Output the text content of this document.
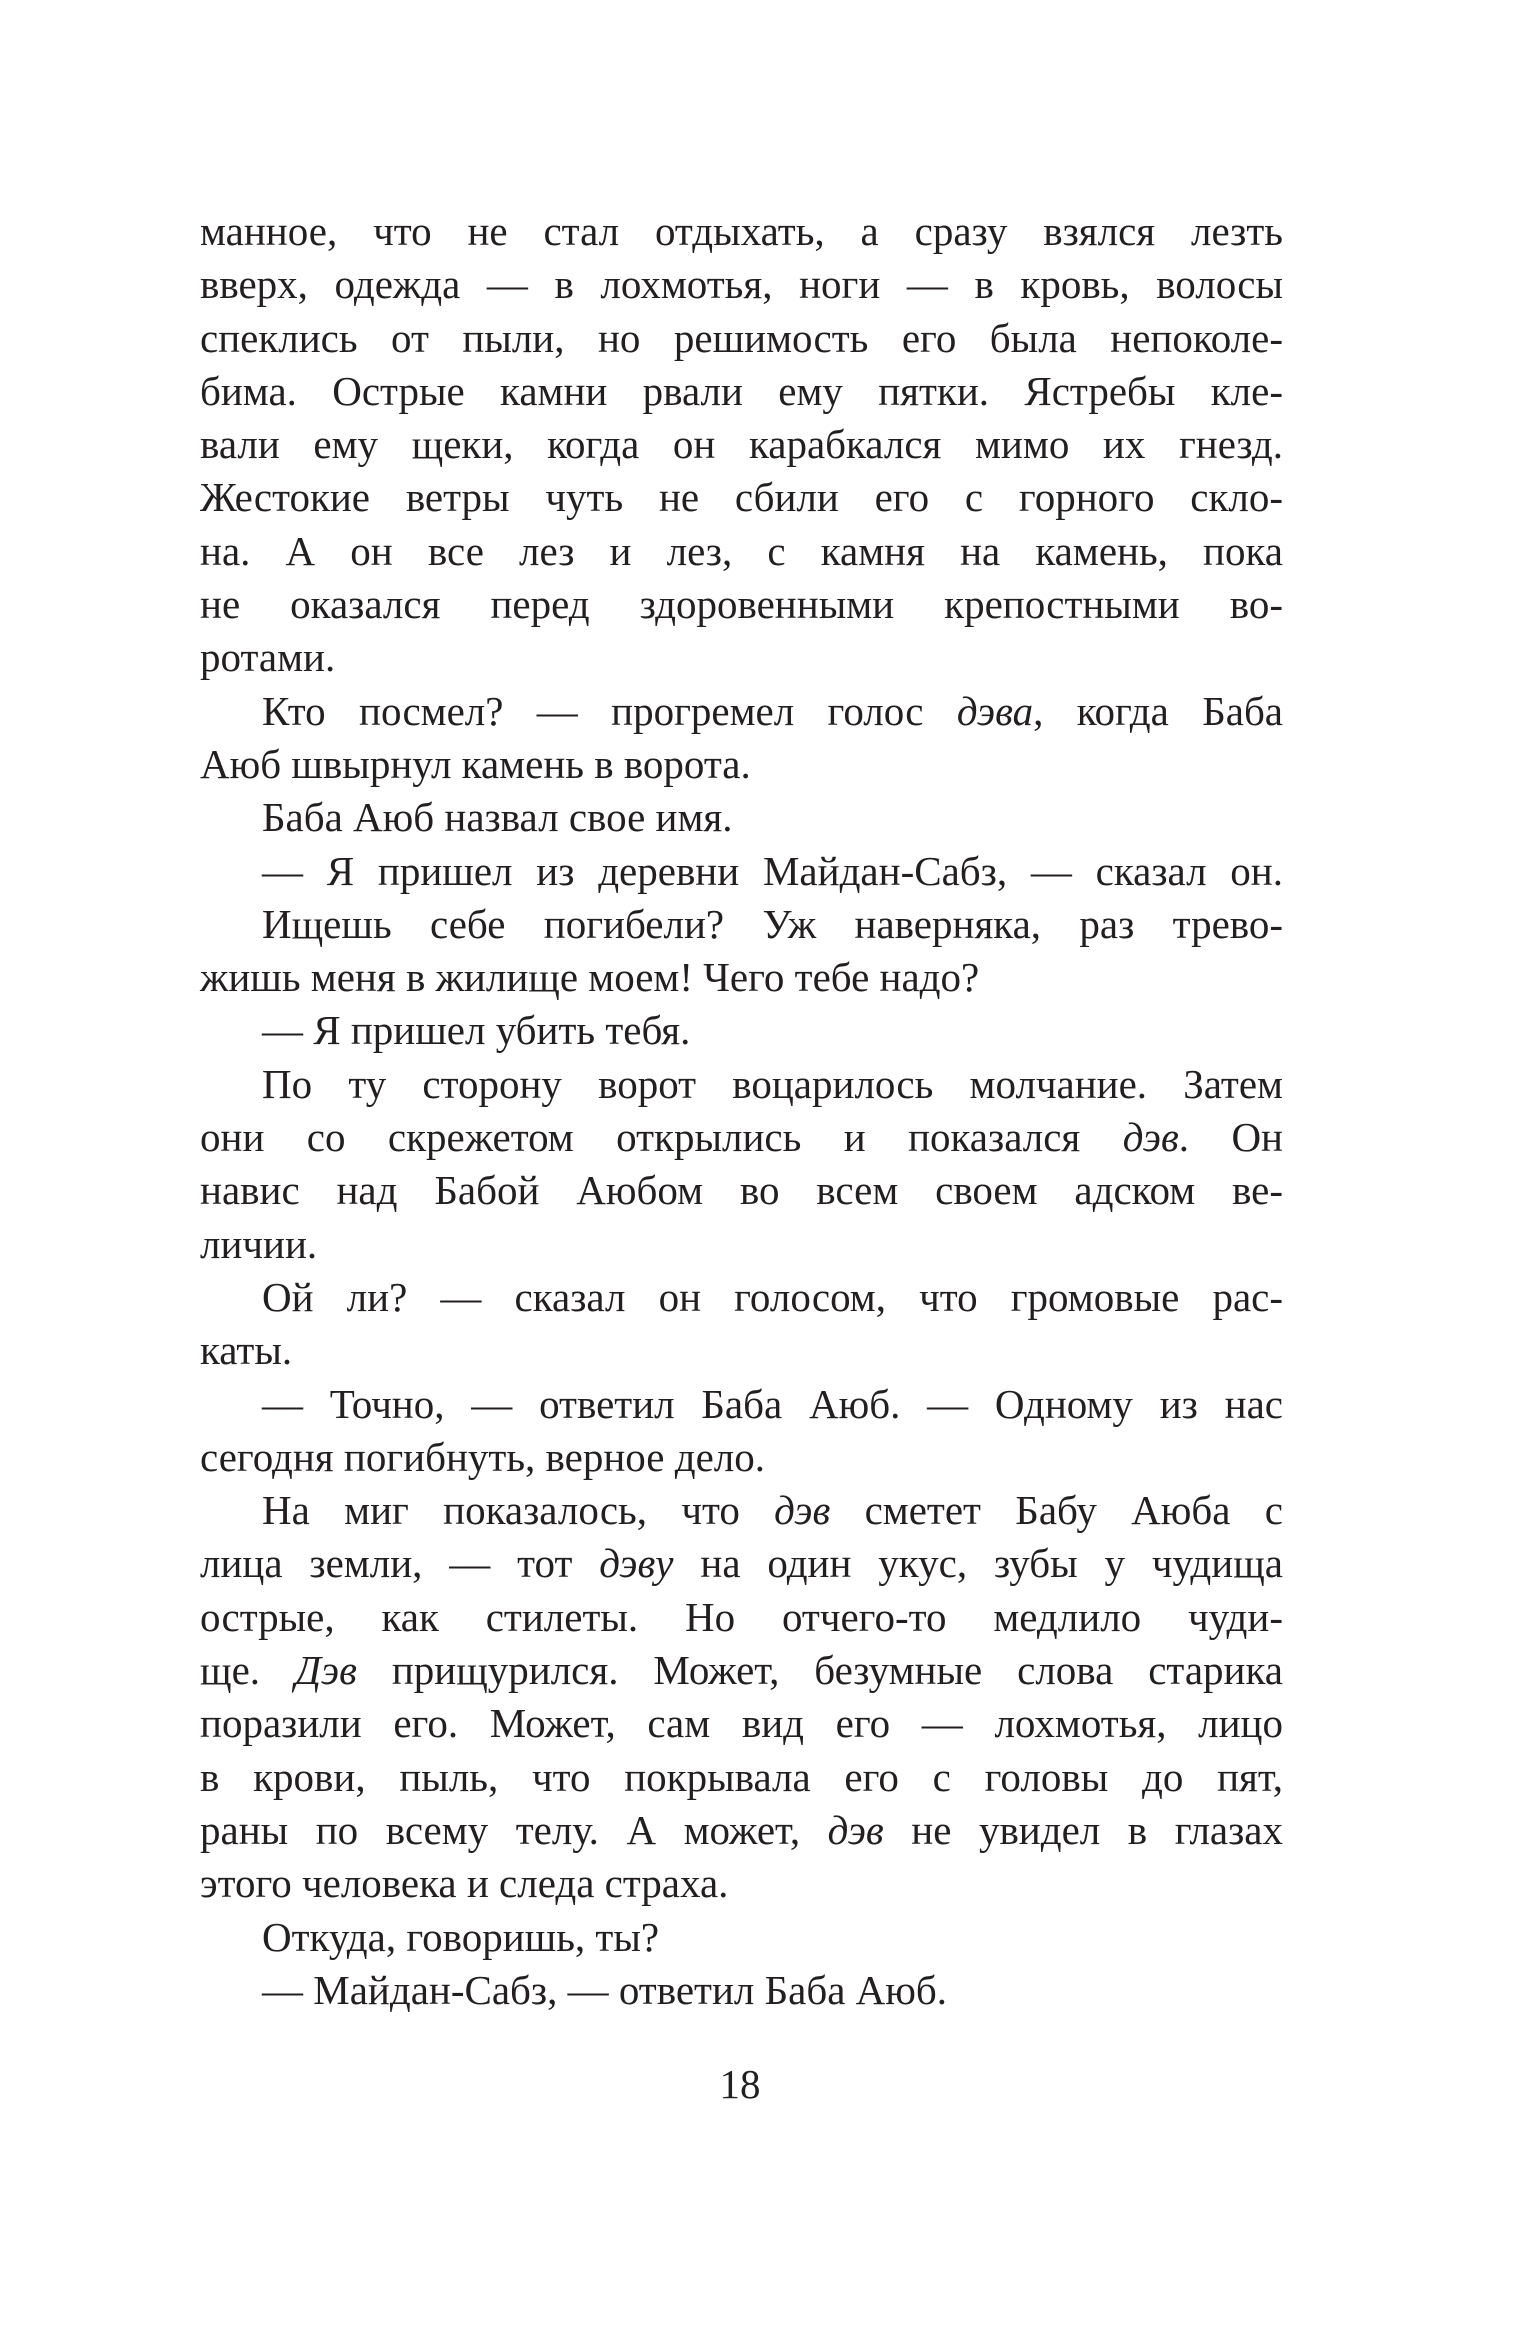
манное, что не стал отдыхать, а сразу взялся лезть
вверх, одежда — в лохмотья, ноги — в кровь, волосы
спеклись от пыли, но решимость его была непоколе-
бима. Острые камни рвали ему пятки. Ястребы кле-
вали ему щеки, когда он карабкался мимо их гнезд.
Жестокие ветры чуть не сбили его с горного скло-
на. А он все лез и лез, с камня на камень, пока
не оказался перед здоровенными крепостными во-
ротами.
Кто посмел? — прогремел голос дэва, когда Баба
Аюб швырнул камень в ворота.
Баба Аюб назвал свое имя.
— Я пришел из деревни Майдан-Сабз, — сказал он.
Ищешь себе погибели? Уж наверняка, раз трево-
жишь меня в жилище моем! Чего тебе надо?
— Я пришел убить тебя.
По ту сторону ворот воцарилось молчание. Затем
они со скрежетом открылись и показался дэв. Он
навис над Бабой Аюбом во всем своем адском ве-
личии.
Ой ли? — сказал он голосом, что громовые рас-
каты.
— Точно, — ответил Баба Аюб. — Одному из нас
сегодня погибнуть, верное дело.
На миг показалось, что дэв сметет Бабу Аюба с
лица земли, — тот дэву на один укус, зубы у чудища
острые, как стилеты. Но отчего-то медлило чуди-
ще. Дэв прищурился. Может, безумные слова старика
поразили его. Может, сам вид его — лохмотья, лицо
в крови, пыль, что покрывала его с головы до пят,
раны по всему телу. А может, дэв не увидел в глазах
этого человека и следа страха.
Откуда, говоришь, ты?
— Майдан-Сабз, — ответил Баба Аюб.
18
